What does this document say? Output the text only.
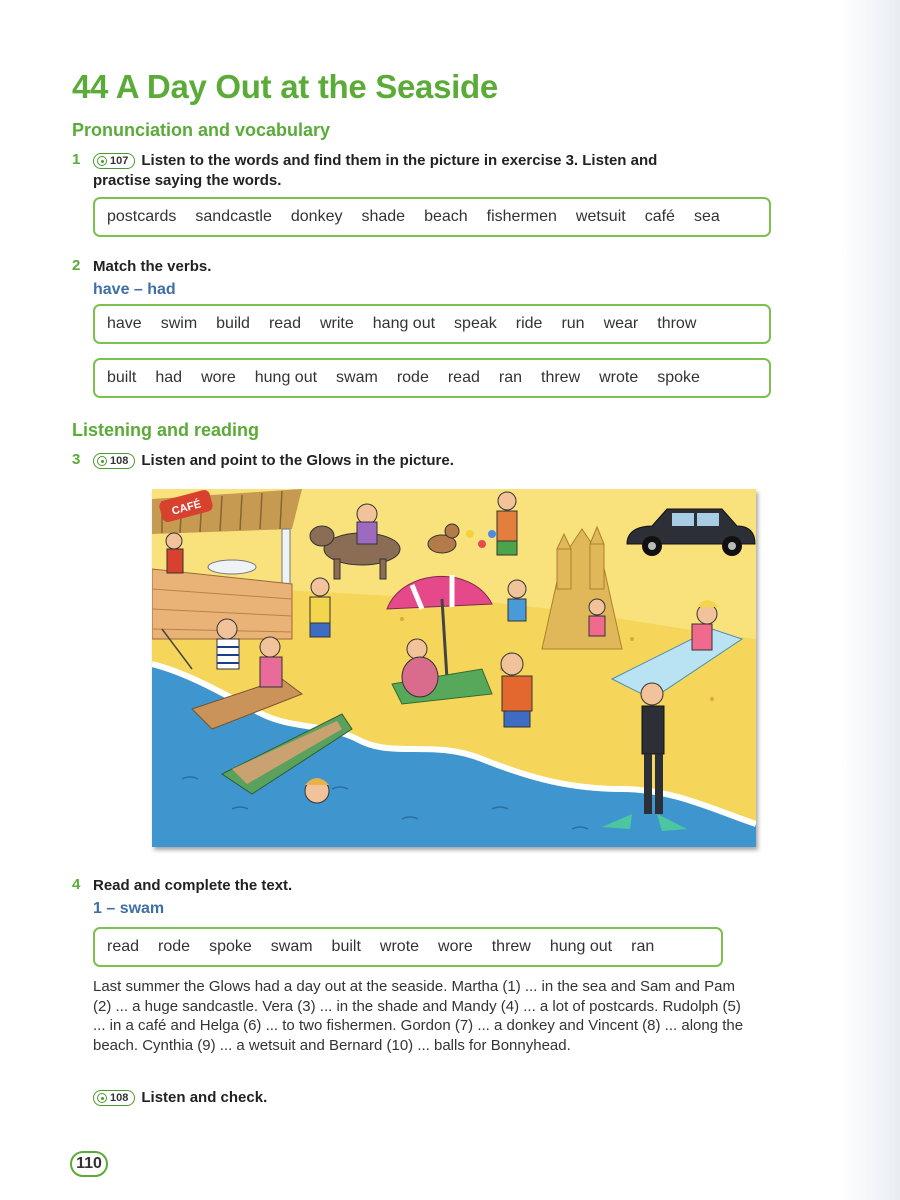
44 A Day Out at the Seaside
Pronunciation and vocabulary
1	107 Listen to the words and find them in the picture in exercise 3. Listen and
practise saying the words.
postcards sandcastle donkey shade beach fishermen wetsuit café sea
2 Match the verbs.
have – had
have swim build read write hang out speak ride run wear throw
built had wore hung out swam rode read ran threw wrote spoke
Listening and reading
3	108 Listen and point to the Glows in the picture.
CAFÉ
4 Read and complete the text.
1 – swam
read rode spoke swam built wrote wore threw hung out ran

Last summer the Glows had a day out at the seaside. Martha (1) ... in the sea and Sam and Pam (2) ... a huge sandcastle. Vera (3) ... in the shade and Mandy (4) ... a lot of postcards. Rudolph (5) ... in a café and Helga (6) ... to two fishermen. Gordon (7) ... a donkey and Vincent (8) ... along the beach. Cynthia (9) ... a wetsuit and Bernard (10) ... balls for Bonnyhead.

108 Listen and check.
110
